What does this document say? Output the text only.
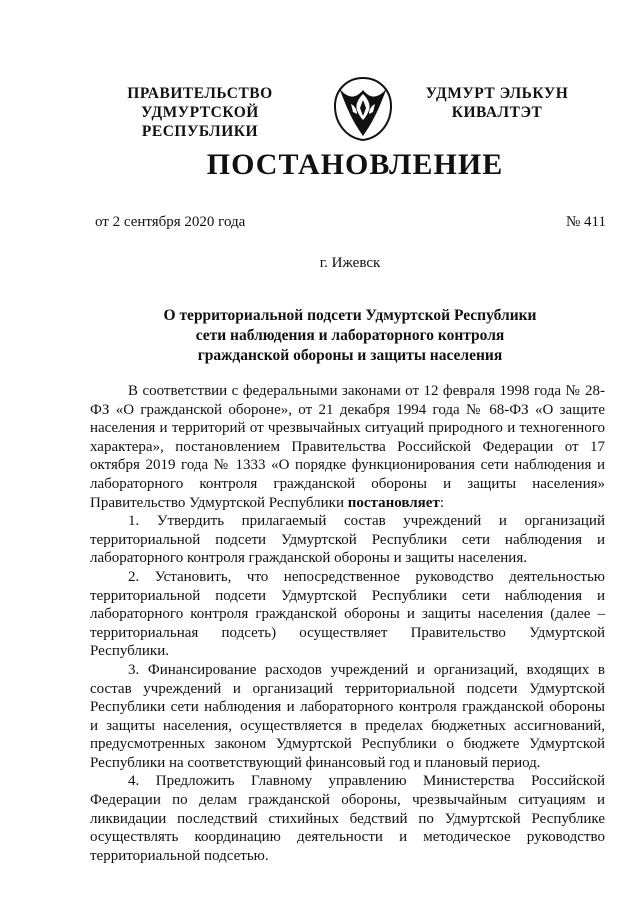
ПРАВИТЕЛЬСТВО
УДМУРТСКОЙ РЕСПУБЛИКИ
УДМУРТ ЭЛЬКУН
КИВАЛТЭТ
ПОСТАНОВЛЕНИЕ
от 2 сентября 2020 года	№ 411
г. Ижевск
О территориальной подсети Удмуртской Республики
сети наблюдения и лабораторного контроля
гражданской обороны и защиты населения

В соответствии с федеральными законами от 12 февраля 1998 года № 28-ФЗ «О гражданской обороне», от 21 декабря 1994 года № 68-ФЗ «О защите населения и территорий от чрезвычайных ситуаций природного и техногенного характера», постановлением Правительства Российской Федерации от 17 октября 2019 года № 1333 «О порядке функционирования сети наблюдения и лабораторного контроля гражданской обороны и защиты населения» Правительство Удмуртской Республики постановляет:

1. Утвердить прилагаемый состав учреждений и организаций территориальной подсети Удмуртской Республики сети наблюдения и лабораторного контроля гражданской обороны и защиты населения.

2. Установить, что непосредственное руководство деятельностью территориальной подсети Удмуртской Республики сети наблюдения и лабораторного контроля гражданской обороны и защиты населения (далее – территориальная подсеть) осуществляет Правительство Удмуртской Республики.

3. Финансирование расходов учреждений и организаций, входящих в состав учреждений и организаций территориальной подсети Удмуртской Республики сети наблюдения и лабораторного контроля гражданской обороны и защиты населения, осуществляется в пределах бюджетных ассигнований, предусмотренных законом Удмуртской Республики о бюджете Удмуртской Республики на соответствующий финансовый год и плановый период.

4. Предложить Главному управлению Министерства Российской Федерации по делам гражданской обороны, чрезвычайным ситуациям и ликвидации последствий стихийных бедствий по Удмуртской Республике осуществлять координацию деятельности и методическое руководство территориальной подсетью.
